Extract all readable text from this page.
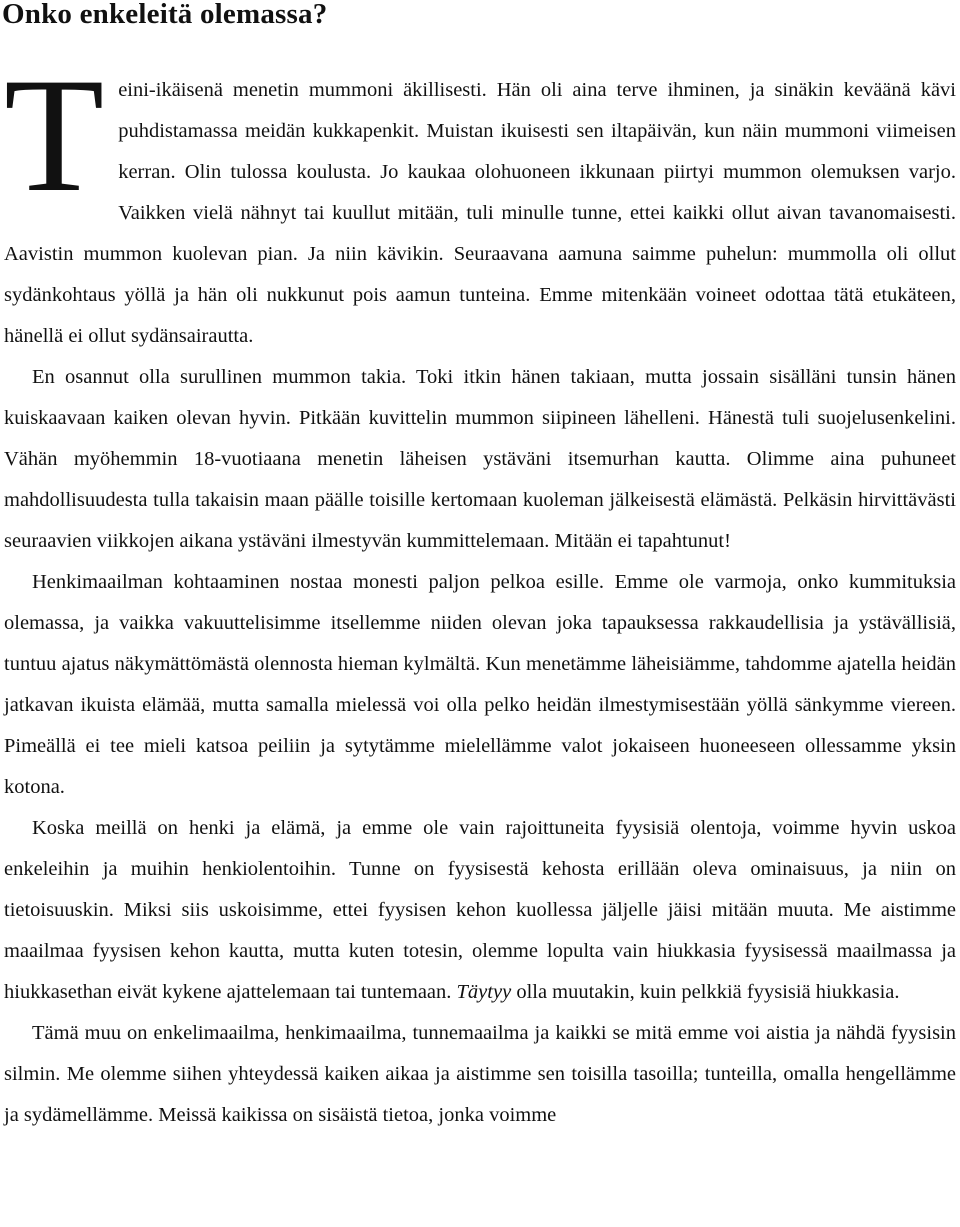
Onko enkeleitä olemassa?

Teini-ikäisenä menetin mummoni äkillisesti. Hän oli aina terve ihminen, ja sinäkin keväänä kävi puhdistamassa meidän kukkapenkit. Muistan ikuisesti sen iltapäivän, kun näin mummoni viimeisen kerran. Olin tulossa koulusta. Jo kaukaa olohuoneen ikkunaan piirtyi mummon olemuksen varjo. Vaikken vielä nähnyt tai kuullut mitään, tuli minulle tunne, ettei kaikki ollut aivan tavanomaisesti. Aavistin mummon kuolevan pian. Ja niin kävikin. Seuraavana aamuna saimme puhelun: mummolla oli ollut sydänkohtaus yöllä ja hän oli nukkunut pois aamun tunteina. Emme mitenkään voineet odottaa tätä etukäteen, hänellä ei ollut sydänsairautta.

En osannut olla surullinen mummon takia. Toki itkin hänen takiaan, mutta jossain sisälläni tunsin hänen kuiskaavaan kaiken olevan hyvin. Pitkään kuvittelin mummon siipineen lähelleni. Hänestä tuli suojelusenkelini. Vähän myöhemmin 18-vuotiaana menetin läheisen ystäväni itsemurhan kautta. Olimme aina puhuneet mahdollisuudesta tulla takaisin maan päälle toisille kertomaan kuoleman jälkeisestä elämästä. Pelkäsin hirvittävästi seuraavien viikkojen aikana ystäväni ilmestyvän kummittelemaan. Mitään ei tapahtunut!

Henkimaailman kohtaaminen nostaa monesti paljon pelkoa esille. Emme ole varmoja, onko kummituksia olemassa, ja vaikka vakuuttelisimme itsellemme niiden olevan joka tapauksessa rakkaudellisia ja ystävällisiä, tuntuu ajatus näkymättömästä olennosta hieman kylmältä. Kun menetämme läheisiämme, tahdomme ajatella heidän jatkavan ikuista elämää, mutta samalla mielessä voi olla pelko heidän ilmestymisestään yöllä sänkymme viereen. Pimeällä ei tee mieli katsoa peiliin ja sytytämme mielellämme valot jokaiseen huoneeseen ollessamme yksin kotona.

Koska meillä on henki ja elämä, ja emme ole vain rajoittuneita fyysisiä olentoja, voimme hyvin uskoa enkeleihin ja muihin henkiolentoihin. Tunne on fyysisestä kehosta erillään oleva ominaisuus, ja niin on tietoisuuskin. Miksi siis uskoisimme, ettei fyysisen kehon kuollessa jäljelle jäisi mitään muuta. Me aistimme maailmaa fyysisen kehon kautta, mutta kuten totesin, olemme lopulta vain hiukkasia fyysisessä maailmassa ja hiukkasethan eivät kykene ajattelemaan tai tuntemaan. Täytyy olla muutakin, kuin pelkkiä fyysisiä hiukkasia.

Tämä muu on enkelimaailma, henkimaailma, tunnemaailma ja kaikki se mitä emme voi aistia ja nähdä fyysisin silmin. Me olemme siihen yhteydessä kaiken aikaa ja aistimme sen toisilla tasoilla; tunteilla, omalla hengellämme ja sydämellämme. Meissä kaikissa on sisäistä tietoa, jonka voimme
